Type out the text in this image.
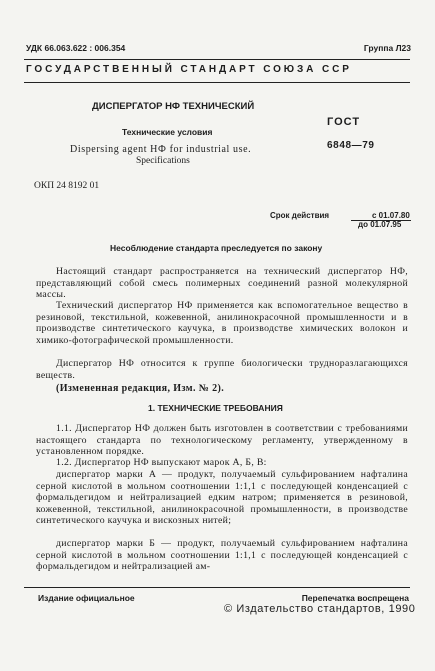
УДК 66.063.622 : 006.354	Группа Л23
ГОСУДАРСТВЕННЫЙ СТАНДАРТ СОЮЗА ССР
ДИСПЕРГАТОР НФ ТЕХНИЧЕСКИЙ
Технические условия
Dispersing agent НФ for industrial use.
Specifications
ГОСТ
6848—79
ОКП 24 8192 01
Срок действия	с 01.07.80
до 01.07.95
Несоблюдение стандарта преследуется по закону

Настоящий стандарт распространяется на технический диспергатор НФ, представляющий собой смесь полимерных соединений разной молекулярной массы.

Технический диспергатор НФ применяется как вспомогательное вещество в резиновой, текстильной, кожевенной, анилинокрасочной промышленности и в производстве синтетического каучука, в производстве химических волокон и химико-фотографической промышленности.

Диспергатор НФ относится к группе биологически трудноразлагающихся веществ.

(Измененная редакция, Изм. № 2).

1. ТЕХНИЧЕСКИЕ ТРЕБОВАНИЯ

1.1. Диспергатор НФ должен быть изготовлен в соответствии с требованиями настоящего стандарта по технологическому регламенту, утвержденному в установленном порядке.

1.2. Диспергатор НФ выпускают марок А, Б, В:

диспергатор марки А — продукт, получаемый сульфированием нафталина серной кислотой в мольном соотношении 1:1,1 с последующей конденсацией с формальдегидом и нейтрализацией едким натром; применяется в резиновой, кожевенной, текстильной, анилинокрасочной промышленности, в производстве синтетического каучука и вискозных нитей;

диспергатор марки Б — продукт, получаемый сульфированием нафталина серной кислотой в мольном соотношении 1:1,1 с последующей конденсацией с формальдегидом и нейтрализацией ам-

Издание официальное	Перепечатка воспрещена
© Издательство стандартов, 1990
